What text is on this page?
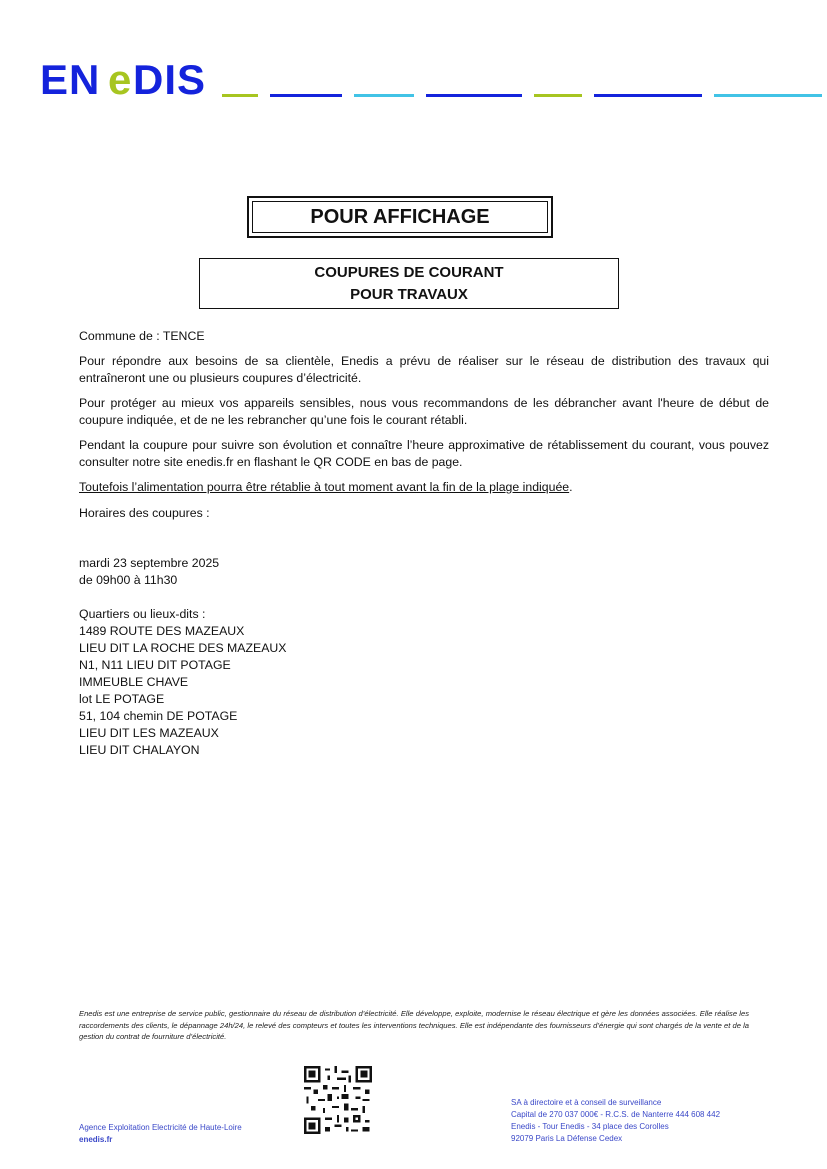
EN e DIS
POUR AFFICHAGE
COUPURES DE COURANT
POUR TRAVAUX
Commune de : TENCE
Pour répondre aux besoins de sa clientèle, Enedis a prévu de réaliser sur le réseau de distribution des travaux qui entraîneront une ou plusieurs coupures d’électricité.
Pour protéger au mieux vos appareils sensibles, nous vous recommandons de les débrancher avant l'heure de début de coupure indiquée, et de ne les rebrancher qu’une fois le courant rétabli.
Pendant la coupure pour suivre son évolution et connaître l’heure approximative de rétablissement du courant, vous pouvez consulter notre site enedis.fr en flashant le QR CODE en bas de page.
Toutefois l’alimentation pourra être rétablie à tout moment avant la fin de la plage indiquée.
Horaires des coupures :
mardi 23 septembre 2025
de 09h00 à 11h30
Quartiers ou lieux-dits :
1489 ROUTE DES MAZEAUX
LIEU DIT LA ROCHE DES MAZEAUX
N1, N11 LIEU DIT POTAGE
IMMEUBLE CHAVE
lot LE POTAGE
51, 104 chemin DE POTAGE
LIEU DIT LES MAZEAUX
LIEU DIT CHALAYON
Enedis est une entreprise de service public, gestionnaire du réseau de distribution d’électricité. Elle développe, exploite, modernise le réseau électrique et gère les données associées. Elle réalise les raccordements des clients, le dépannage 24h/24, le relevé des compteurs et toutes les interventions techniques. Elle est indépendante des fournisseurs d’énergie qui sont chargés de la vente et de la gestion du contrat de fourniture d’électricité.
Agence Exploitation Electricité de Haute-Loire
enedis.fr
SA à directoire et à conseil de surveillance
Capital de 270 037 000€ - R.C.S. de Nanterre 444 608 442
Enedis - Tour Enedis - 34 place des Corolles
92079 Paris La Défense Cedex
